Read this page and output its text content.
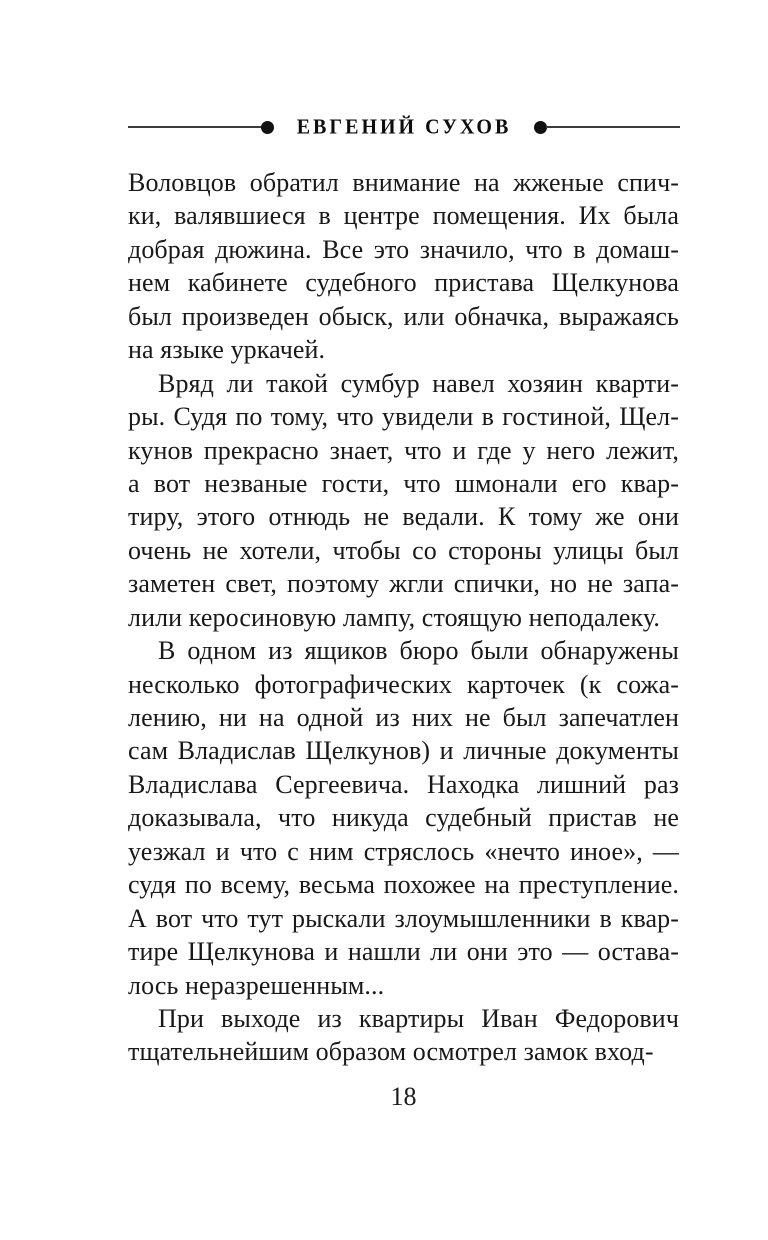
ЕВГЕНИЙ СУХОВ
Воловцов обратил внимание на жженые спич-
ки, валявшиеся в центре помещения. Их была
добрая дюжина. Все это значило, что в домаш-
нем кабинете судебного пристава Щелкунова
был произведен обыск, или обначка, выражаясь
на языке уркачей.
Вряд ли такой сумбур навел хозяин кварти-
ры. Судя по тому, что увидели в гостиной, Щел-
кунов прекрасно знает, что и где у него лежит,
а вот незваные гости, что шмонали его квар-
тиру, этого отнюдь не ведали. К тому же они
очень не хотели, чтобы со стороны улицы был
заметен свет, поэтому жгли спички, но не запа-
лили керосиновую лампу, стоящую неподалеку.
В одном из ящиков бюро были обнаружены
несколько фотографических карточек (к сожа-
лению, ни на одной из них не был запечатлен
сам Владислав Щелкунов) и личные документы
Владислава Сергеевича. Находка лишний раз
доказывала, что никуда судебный пристав не
уезжал и что с ним стряслось «нечто иное», —
судя по всему, весьма похожее на преступление.
А вот что тут рыскали злоумышленники в квар-
тире Щелкунова и нашли ли они это — остава-
лось неразрешенным...
При выходе из квартиры Иван Федорович
тщательнейшим образом осмотрел замок вход-
18
